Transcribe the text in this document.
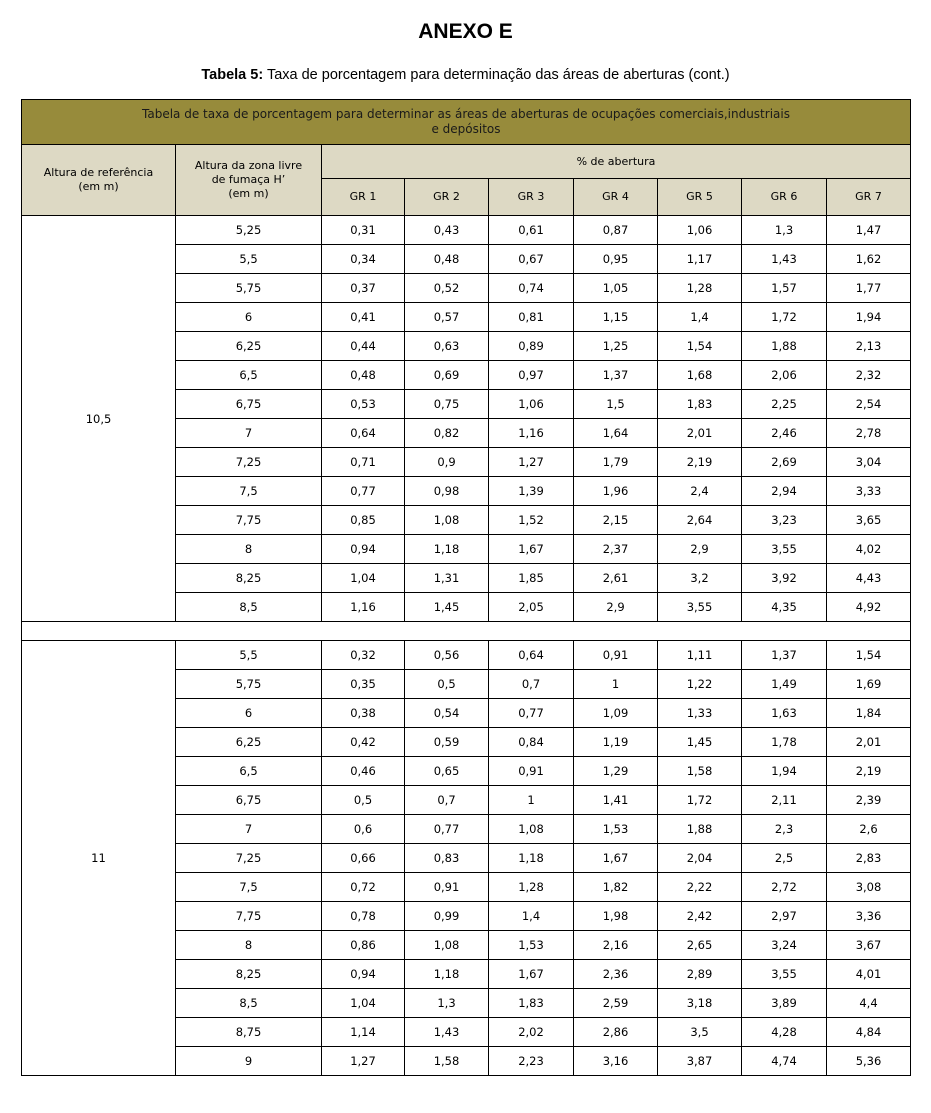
ANEXO E
Tabela 5: Taxa de porcentagem para determinação das áreas de aberturas (cont.)
Tabela de taxa de porcentagem para determinar as áreas de aberturas de ocupações comerciais,industriais
e depósitos								
Altura de referência
(em m)	Altura da zona livre
de fumaça H’
(em m)	% de abertura						
		GR 1	GR 2	GR 3	GR 4	GR 5	GR 6	GR 7
10,5	5,25	0,31	0,43	0,61	0,87	1,06	1,3	1,47
	5,5	0,34	0,48	0,67	0,95	1,17	1,43	1,62
	5,75	0,37	0,52	0,74	1,05	1,28	1,57	1,77
	6	0,41	0,57	0,81	1,15	1,4	1,72	1,94
	6,25	0,44	0,63	0,89	1,25	1,54	1,88	2,13
	6,5	0,48	0,69	0,97	1,37	1,68	2,06	2,32
	6,75	0,53	0,75	1,06	1,5	1,83	2,25	2,54
	7	0,64	0,82	1,16	1,64	2,01	2,46	2,78
	7,25	0,71	0,9	1,27	1,79	2,19	2,69	3,04
	7,5	0,77	0,98	1,39	1,96	2,4	2,94	3,33
	7,75	0,85	1,08	1,52	2,15	2,64	3,23	3,65
	8	0,94	1,18	1,67	2,37	2,9	3,55	4,02
	8,25	1,04	1,31	1,85	2,61	3,2	3,92	4,43
	8,5	1,16	1,45	2,05	2,9	3,55	4,35	4,92

11	5,5	0,32	0,56	0,64	0,91	1,11	1,37	1,54
	5,75	0,35	0,5	0,7	1	1,22	1,49	1,69
	6	0,38	0,54	0,77	1,09	1,33	1,63	1,84
	6,25	0,42	0,59	0,84	1,19	1,45	1,78	2,01
	6,5	0,46	0,65	0,91	1,29	1,58	1,94	2,19
	6,75	0,5	0,7	1	1,41	1,72	2,11	2,39
	7	0,6	0,77	1,08	1,53	1,88	2,3	2,6
	7,25	0,66	0,83	1,18	1,67	2,04	2,5	2,83
	7,5	0,72	0,91	1,28	1,82	2,22	2,72	3,08
	7,75	0,78	0,99	1,4	1,98	2,42	2,97	3,36
	8	0,86	1,08	1,53	2,16	2,65	3,24	3,67
	8,25	0,94	1,18	1,67	2,36	2,89	3,55	4,01
	8,5	1,04	1,3	1,83	2,59	3,18	3,89	4,4
	8,75	1,14	1,43	2,02	2,86	3,5	4,28	4,84
	9	1,27	1,58	2,23	3,16	3,87	4,74	5,36
